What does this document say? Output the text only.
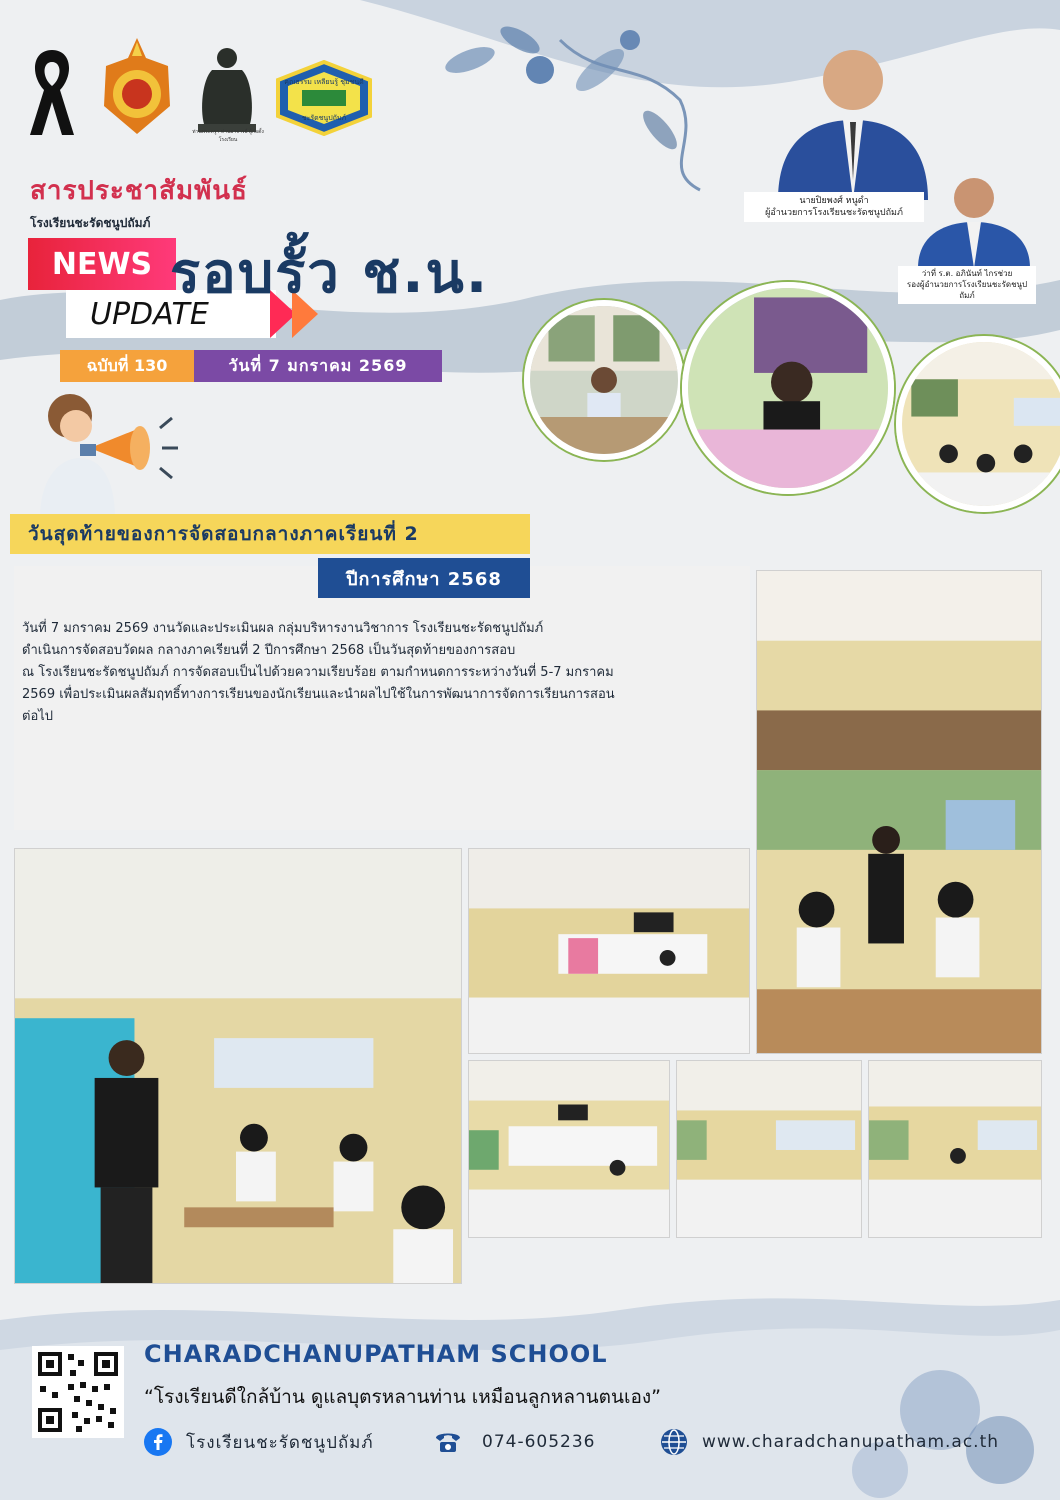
ท่านพระครูฯ ท่านอาจารย์ ผู้ก่อตั้งโรงเรียน
คุณธรรม เหลียนรู้ ชุมชนดี
ชะรัดชนูปถัมภ์
สารประชาสัมพันธ์
โรงเรียนชะรัดชนูปถัมภ์
NEWS
UPDATE
รอบรั้ว ช.น.
ฉบับที่ 130	วันที่ 7 มกราคม 2569
นายปิยพงศ์ หนูดำ
ผู้อำนวยการโรงเรียนชะรัดชนูปถัมภ์
ว่าที่ ร.ต. อภินันท์ ไกรช่วย
รองผู้อำนวยการโรงเรียนชะรัดชนูปถัมภ์
วันสุดท้ายของการจัดสอบกลางภาคเรียนที่ 2
ปีการศึกษา 2568
วันที่ 7 มกราคม 2569 งานวัดและประเมินผล กลุ่มบริหารงานวิชาการ โรงเรียนชะรัดชนูปถัมภ์
ดำเนินการจัดสอบวัดผล กลางภาคเรียนที่ 2 ปีการศึกษา 2568 เป็นวันสุดท้ายของการสอบ
ณ โรงเรียนชะรัดชนูปถัมภ์ การจัดสอบเป็นไปด้วยความเรียบร้อย ตามกำหนดการระหว่างวันที่ 5-7 มกราคม
2569 เพื่อประเมินผลสัมฤทธิ์ทางการเรียนของนักเรียนและนำผลไปใช้ในการพัฒนาการจัดการเรียนการสอน
ต่อไป
CHARADCHANUPATHAM SCHOOL
“โรงเรียนดีใกล้บ้าน ดูแลบุตรหลานท่าน เหมือนลูกหลานตนเอง”
โรงเรียนชะรัดชนูปถัมภ์	074-605236	www.charadchanupatham.ac.th
